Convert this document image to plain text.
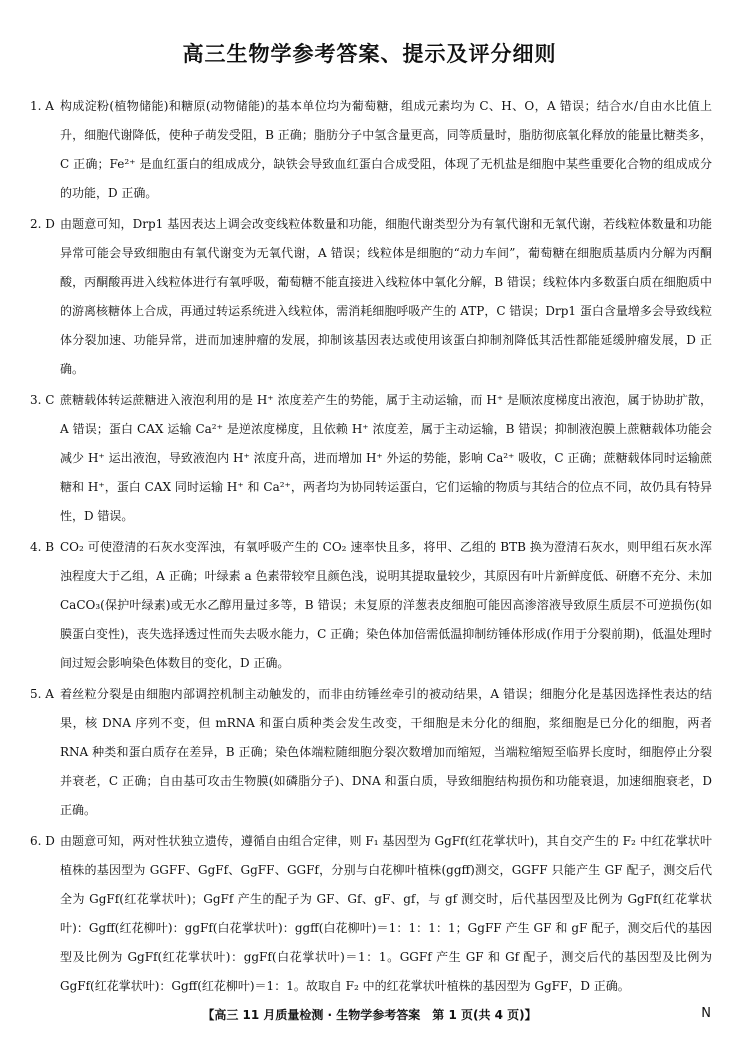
高三生物学参考答案、提示及评分细则
1. A 构成淀粉(植物储能)和糖原(动物储能)的基本单位均为葡萄糖，组成元素均为 C、H、O，A 错误；结合水/自由水比值上升，细胞代谢降低，使种子萌发受阻，B 正确；脂肪分子中氢含量更高，同等质量时，脂肪彻底氧化释放的能量比糖类多，C 正确；Fe²⁺ 是血红蛋白的组成成分，缺铁会导致血红蛋白合成受阻，体现了无机盐是细胞中某些重要化合物的组成成分的功能，D 正确。
2. D 由题意可知，Drp1 基因表达上调会改变线粒体数量和功能，细胞代谢类型分为有氧代谢和无氧代谢，若线粒体数量和功能异常可能会导致细胞由有氧代谢变为无氧代谢，A 错误；线粒体是细胞的“动力车间”，葡萄糖在细胞质基质内分解为丙酮酸，丙酮酸再进入线粒体进行有氧呼吸，葡萄糖不能直接进入线粒体中氧化分解，B 错误；线粒体内多数蛋白质在细胞质中的游离核糖体上合成，再通过转运系统进入线粒体，需消耗细胞呼吸产生的 ATP，C 错误；Drp1 蛋白含量增多会导致线粒体分裂加速、功能异常，进而加速肿瘤的发展，抑制该基因表达或使用该蛋白抑制剂降低其活性都能延缓肿瘤发展，D 正确。
3. C 蔗糖载体转运蔗糖进入液泡利用的是 H⁺ 浓度差产生的势能，属于主动运输，而 H⁺ 是顺浓度梯度出液泡，属于协助扩散，A 错误；蛋白 CAX 运输 Ca²⁺ 是逆浓度梯度，且依赖 H⁺ 浓度差，属于主动运输，B 错误；抑制液泡膜上蔗糖载体功能会减少 H⁺ 运出液泡，导致液泡内 H⁺ 浓度升高，进而增加 H⁺ 外运的势能，影响 Ca²⁺ 吸收，C 正确；蔗糖载体同时运输蔗糖和 H⁺，蛋白 CAX 同时运输 H⁺ 和 Ca²⁺，两者均为协同转运蛋白，它们运输的物质与其结合的位点不同，故仍具有特异性，D 错误。
4. B CO₂ 可使澄清的石灰水变浑浊，有氧呼吸产生的 CO₂ 速率快且多，将甲、乙组的 BTB 换为澄清石灰水，则甲组石灰水浑浊程度大于乙组，A 正确；叶绿素 a 色素带较窄且颜色浅，说明其提取量较少，其原因有叶片新鲜度低、研磨不充分、未加 CaCO₃(保护叶绿素)或无水乙醇用量过多等，B 错误；未复原的洋葱表皮细胞可能因高渗溶液导致原生质层不可逆损伤(如膜蛋白变性)，丧失选择透过性而失去吸水能力，C 正确；染色体加倍需低温抑制纺锤体形成(作用于分裂前期)，低温处理时间过短会影响染色体数目的变化，D 正确。
5. A 着丝粒分裂是由细胞内部调控机制主动触发的，而非由纺锤丝牵引的被动结果，A 错误；细胞分化是基因选择性表达的结果，核 DNA 序列不变，但 mRNA 和蛋白质种类会发生改变，干细胞是未分化的细胞，浆细胞是已分化的细胞，两者 RNA 种类和蛋白质存在差异，B 正确；染色体端粒随细胞分裂次数增加而缩短，当端粒缩短至临界长度时，细胞停止分裂并衰老，C 正确；自由基可攻击生物膜(如磷脂分子)、DNA 和蛋白质，导致细胞结构损伤和功能衰退，加速细胞衰老，D 正确。
6. D 由题意可知，两对性状独立遗传，遵循自由组合定律，则 F₁ 基因型为 GgFf(红花掌状叶)，其自交产生的 F₂ 中红花掌状叶植株的基因型为 GGFF、GgFf、GgFF、GGFf，分别与白花柳叶植株(ggff)测交，GGFF 只能产生 GF 配子，测交后代全为 GgFf(红花掌状叶)；GgFf 产生的配子为 GF、Gf、gF、gf，与 gf 测交时，后代基因型及比例为 GgFf(红花掌状叶)：Ggff(红花柳叶)：ggFf(白花掌状叶)：ggff(白花柳叶)＝1：1：1：1；GgFF 产生 GF 和 gF 配子，测交后代的基因型及比例为 GgFf(红花掌状叶)：ggFf(白花掌状叶)＝1：1。GGFf 产生 GF 和 Gf 配子，测交后代的基因型及比例为 GgFf(红花掌状叶)：Ggff(红花柳叶)＝1：1。故取自 F₂ 中的红花掌状叶植株的基因型为 GgFF，D 正确。
【高三 11 月质量检测 · 生物学参考答案　第 1 页(共 4 页)】	N
